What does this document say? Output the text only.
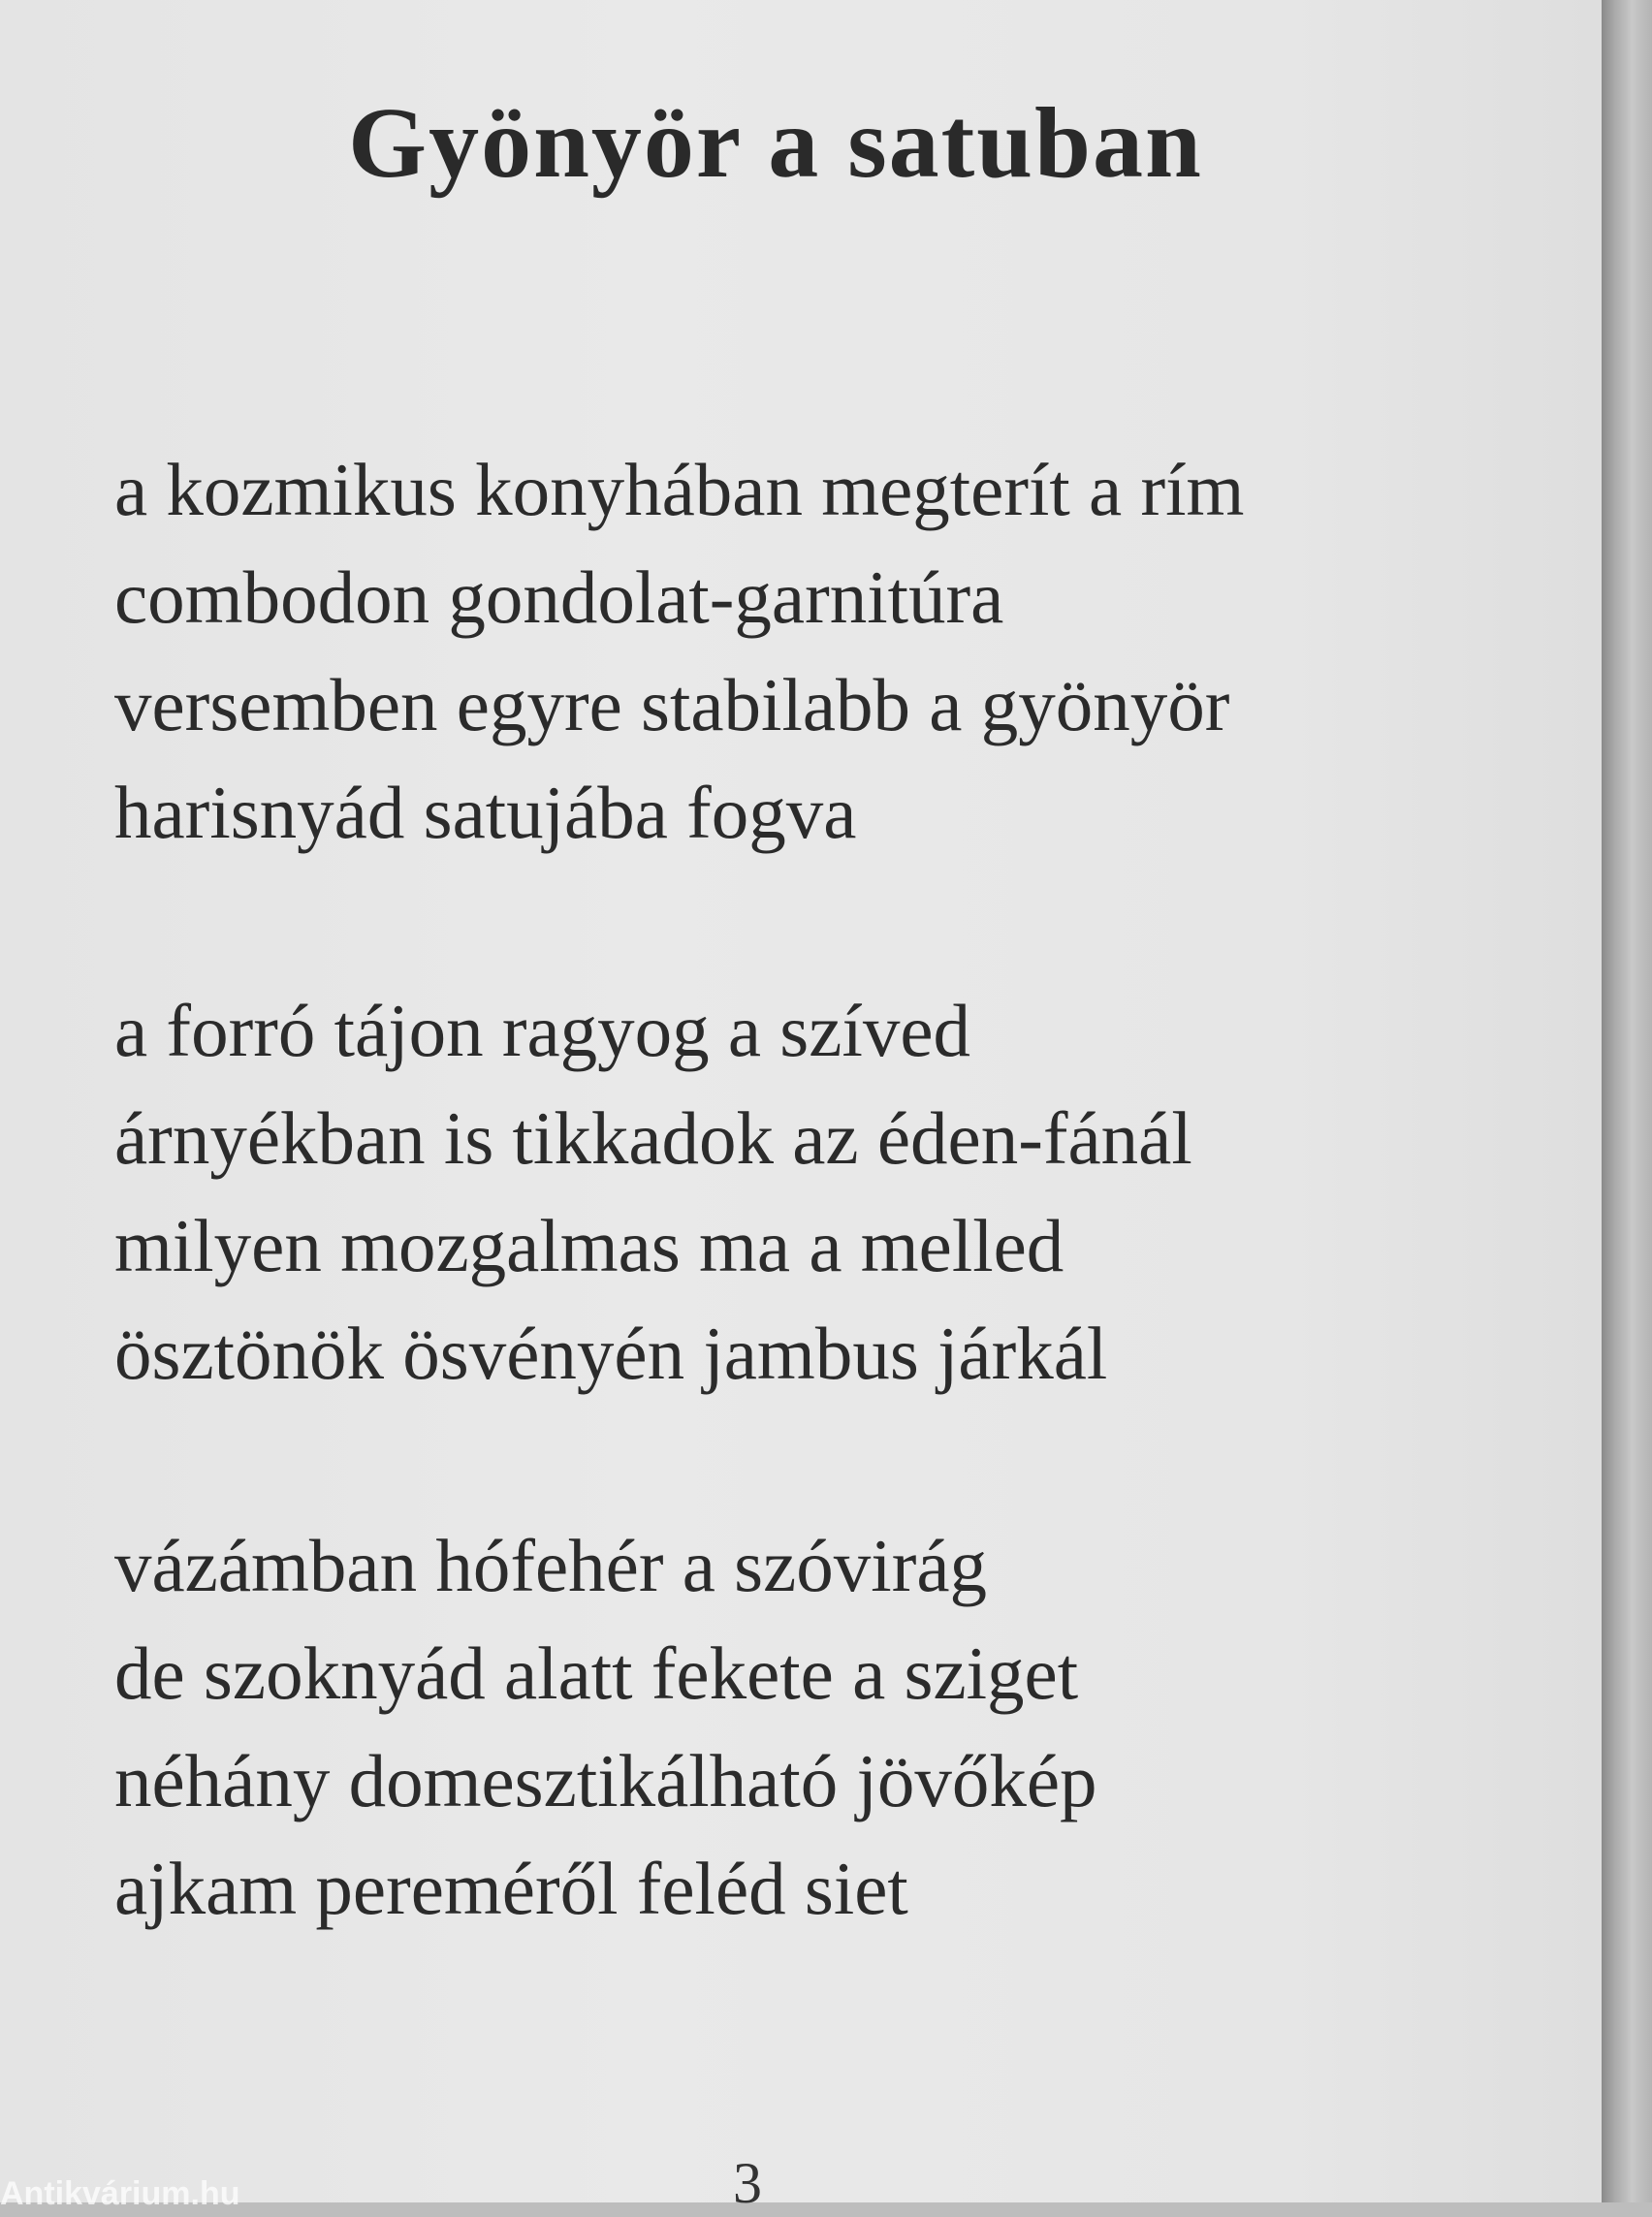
Gyönyör a satuban
a kozmikus konyhában megterít a rím
combodon gondolat-garnitúra
versemben egyre stabilabb a gyönyör
harisnyád satujába fogva
a forró tájon ragyog a szíved
árnyékban is tikkadok az éden-fánál
milyen mozgalmas ma a melled
ösztönök ösvényén jambus járkál
vázámban hófehér a szóvirág
de szoknyád alatt fekete a sziget
néhány domesztikálható jövőkép
ajkam pereméről feléd siet
3
Antikvárium.hu
